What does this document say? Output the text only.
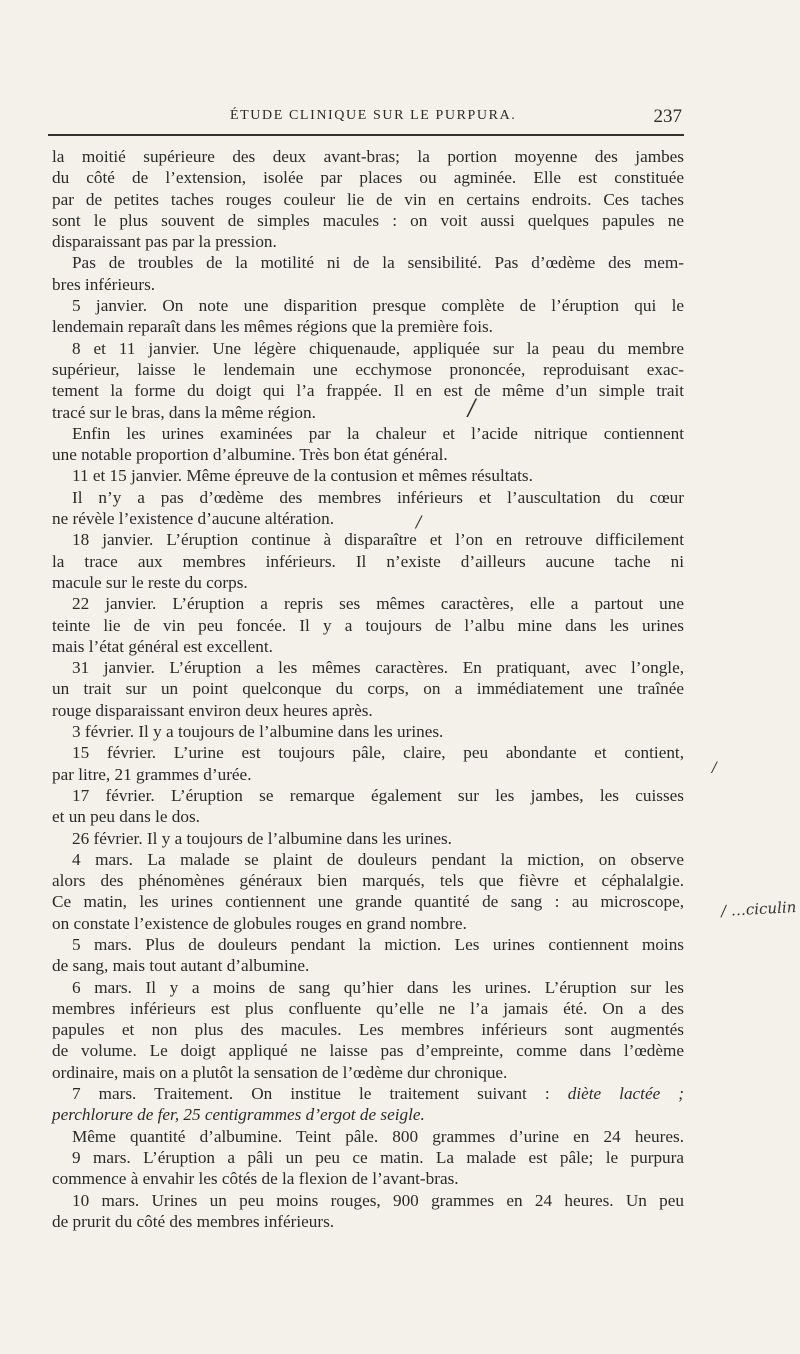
ÉTUDE CLINIQUE SUR LE PURPURA.	237
la moitié supérieure des deux avant-bras; la portion moyenne des jambes
du côté de l’extension, isolée par places ou agminée. Elle est constituée
par de petites taches rouges couleur lie de vin en certains endroits. Ces taches
sont le plus souvent de simples macules : on voit aussi quelques papules ne
disparaissant pas par la pression.
Pas de troubles de la motilité ni de la sensibilité. Pas d’œdème des mem-
bres inférieurs.
5 janvier. On note une disparition presque complète de l’éruption qui le
lendemain reparaît dans les mêmes régions que la première fois.
8 et 11 janvier. Une légère chiquenaude, appliquée sur la peau du membre
supérieur, laisse le lendemain une ecchymose prononcée, reproduisant exac-
tement la forme du doigt qui l’a frappée. Il en est de même d’un simple trait
tracé sur le bras, dans la même région.
Enfin les urines examinées par la chaleur et l’acide nitrique contiennent
une notable proportion d’albumine. Très bon état général.
11 et 15 janvier. Même épreuve de la contusion et mêmes résultats.
Il n’y a pas d’œdème des membres inférieurs et l’auscultation du cœur
ne révèle l’existence d’aucune altération.
18 janvier. L’éruption continue à disparaître et l’on en retrouve difficilement
la trace aux membres inférieurs. Il n’existe d’ailleurs aucune tache ni
macule sur le reste du corps.
22 janvier. L’éruption a repris ses mêmes caractères, elle a partout une
teinte lie de vin peu foncée. Il y a toujours de l’albu mine dans les urines
mais l’état général est excellent.
31 janvier. L’éruption a les mêmes caractères. En pratiquant, avec l’ongle,
un trait sur un point quelconque du corps, on a immédiatement une traînée
rouge disparaissant environ deux heures après.
3 février. Il y a toujours de l’albumine dans les urines.
15 février. L’urine est toujours pâle, claire, peu abondante et contient,
par litre, 21 grammes d’urée.
17 février. L’éruption se remarque également sur les jambes, les cuisses
et un peu dans le dos.
26 février. Il y a toujours de l’albumine dans les urines.
4 mars. La malade se plaint de douleurs pendant la miction, on observe
alors des phénomènes généraux bien marqués, tels que fièvre et céphalalgie.
Ce matin, les urines contiennent une grande quantité de sang : au microscope,
on constate l’existence de globules rouges en grand nombre.
5 mars. Plus de douleurs pendant la miction. Les urines contiennent moins
de sang, mais tout autant d’albumine.
6 mars. Il y a moins de sang qu’hier dans les urines. L’éruption sur les
membres inférieurs est plus confluente qu’elle ne l’a jamais été. On a des
papules et non plus des macules. Les membres inférieurs sont augmentés
de volume. Le doigt appliqué ne laisse pas d’empreinte, comme dans l’œdème
ordinaire, mais on a plutôt la sensation de l’œdème dur chronique.
7 mars. Traitement. On institue le traitement suivant : diète lactée ;
perchlorure de fer, 25 centigrammes d’ergot de seigle.
Même quantité d’albumine. Teint pâle. 800 grammes d’urine en 24 heures.
9 mars. L’éruption a pâli un peu ce matin. La malade est pâle; le purpura
commence à envahir les côtés de la flexion de l’avant-bras.
10 mars. Urines un peu moins rouges, 900 grammes en 24 heures. Un peu
de prurit du côté des membres inférieurs.
/
/
/
/ …ciculin
